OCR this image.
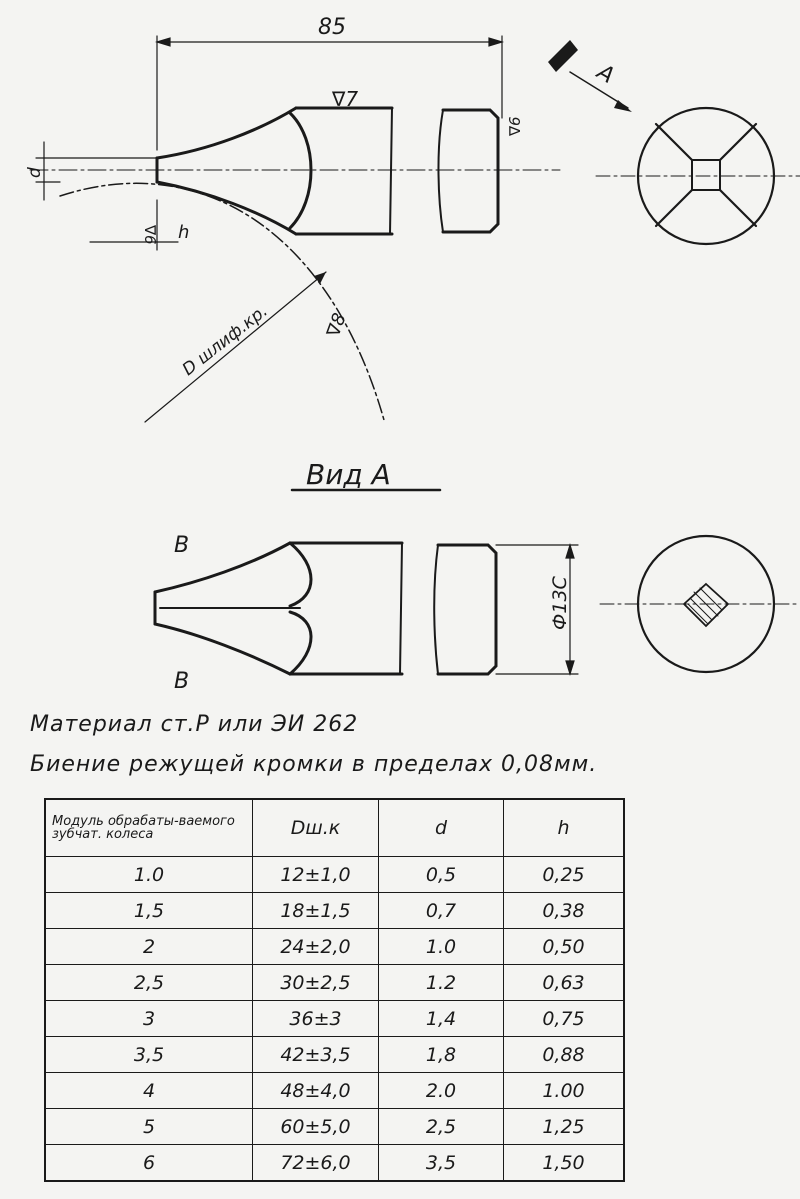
D шлиф.кр.	∇8
85
d
h
∇6
∇7
∇6
A
Вид A
B
B
Ф13С
Материал ст.Р или ЭИ 262
Биение режущей кромки в пределах 0,08мм.
Модуль обрабаты-ваемого зубчат. колеса	Dш.к	d	h
1.0	12±1,0	0,5	0,25
1,5	18±1,5	0,7	0,38
2	24±2,0	1.0	0,50
2,5	30±2,5	1.2	0,63
3	36±3	1,4	0,75
3,5	42±3,5	1,8	0,88
4	48±4,0	2.0	1.00
5	60±5,0	2,5	1,25
6	72±6,0	3,5	1,50
